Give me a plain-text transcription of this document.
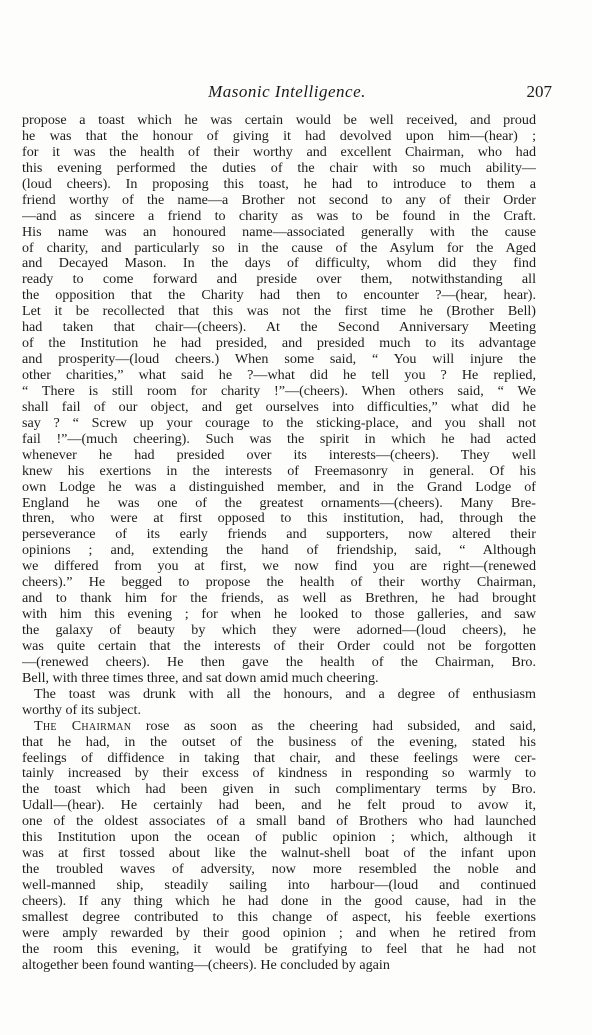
Masonic Intelligence.	207
propose a toast which he was certain would be well received, and proud
he was that the honour of giving it had devolved upon him—(hear) ;
for it was the health of their worthy and excellent Chairman, who had
this evening performed the duties of the chair with so much ability—
(loud cheers). In proposing this toast, he had to introduce to them a
friend worthy of the name—a Brother not second to any of their Order
—and as sincere a friend to charity as was to be found in the Craft.
His name was an honoured name—associated generally with the cause
of charity, and particularly so in the cause of the Asylum for the Aged
and Decayed Mason. In the days of difficulty, whom did they find
ready to come forward and preside over them, notwithstanding all
the opposition that the Charity had then to encounter ?—(hear, hear).
Let it be recollected that this was not the first time he (Brother Bell)
had taken that chair—(cheers). At the Second Anniversary Meeting
of the Institution he had presided, and presided much to its advantage
and prosperity—(loud cheers.) When some said, “ You will injure the
other charities,” what said he ?—what did he tell you ? He replied,
“ There is still room for charity !”—(cheers). When others said, “ We
shall fail of our object, and get ourselves into difficulties,” what did he
say ? “ Screw up your courage to the sticking-place, and you shall not
fail !”—(much cheering). Such was the spirit in which he had acted
whenever he had presided over its interests—(cheers). They well
knew his exertions in the interests of Freemasonry in general. Of his
own Lodge he was a distinguished member, and in the Grand Lodge of
England he was one of the greatest ornaments—(cheers). Many Bre-
thren, who were at first opposed to this institution, had, through the
perseverance of its early friends and supporters, now altered their
opinions ; and, extending the hand of friendship, said, “ Although
we differed from you at first, we now find you are right—(renewed
cheers).” He begged to propose the health of their worthy Chairman,
and to thank him for the friends, as well as Brethren, he had brought
with him this evening ; for when he looked to those galleries, and saw
the galaxy of beauty by which they were adorned—(loud cheers), he
was quite certain that the interests of their Order could not be forgotten
—(renewed cheers). He then gave the health of the Chairman, Bro.
Bell, with three times three, and sat down amid much cheering.
The toast was drunk with all the honours, and a degree of enthusiasm
worthy of its subject.
The Chairman rose as soon as the cheering had subsided, and said,
that he had, in the outset of the business of the evening, stated his
feelings of diffidence in taking that chair, and these feelings were cer-
tainly increased by their excess of kindness in responding so warmly to
the toast which had been given in such complimentary terms by Bro.
Udall—(hear). He certainly had been, and he felt proud to avow it,
one of the oldest associates of a small band of Brothers who had launched
this Institution upon the ocean of public opinion ; which, although it
was at first tossed about like the walnut-shell boat of the infant upon
the troubled waves of adversity, now more resembled the noble and
well-manned ship, steadily sailing into harbour—(loud and continued
cheers). If any thing which he had done in the good cause, had in the
smallest degree contributed to this change of aspect, his feeble exertions
were amply rewarded by their good opinion ; and when he retired from
the room this evening, it would be gratifying to feel that he had not
altogether been found wanting—(cheers). He concluded by again
